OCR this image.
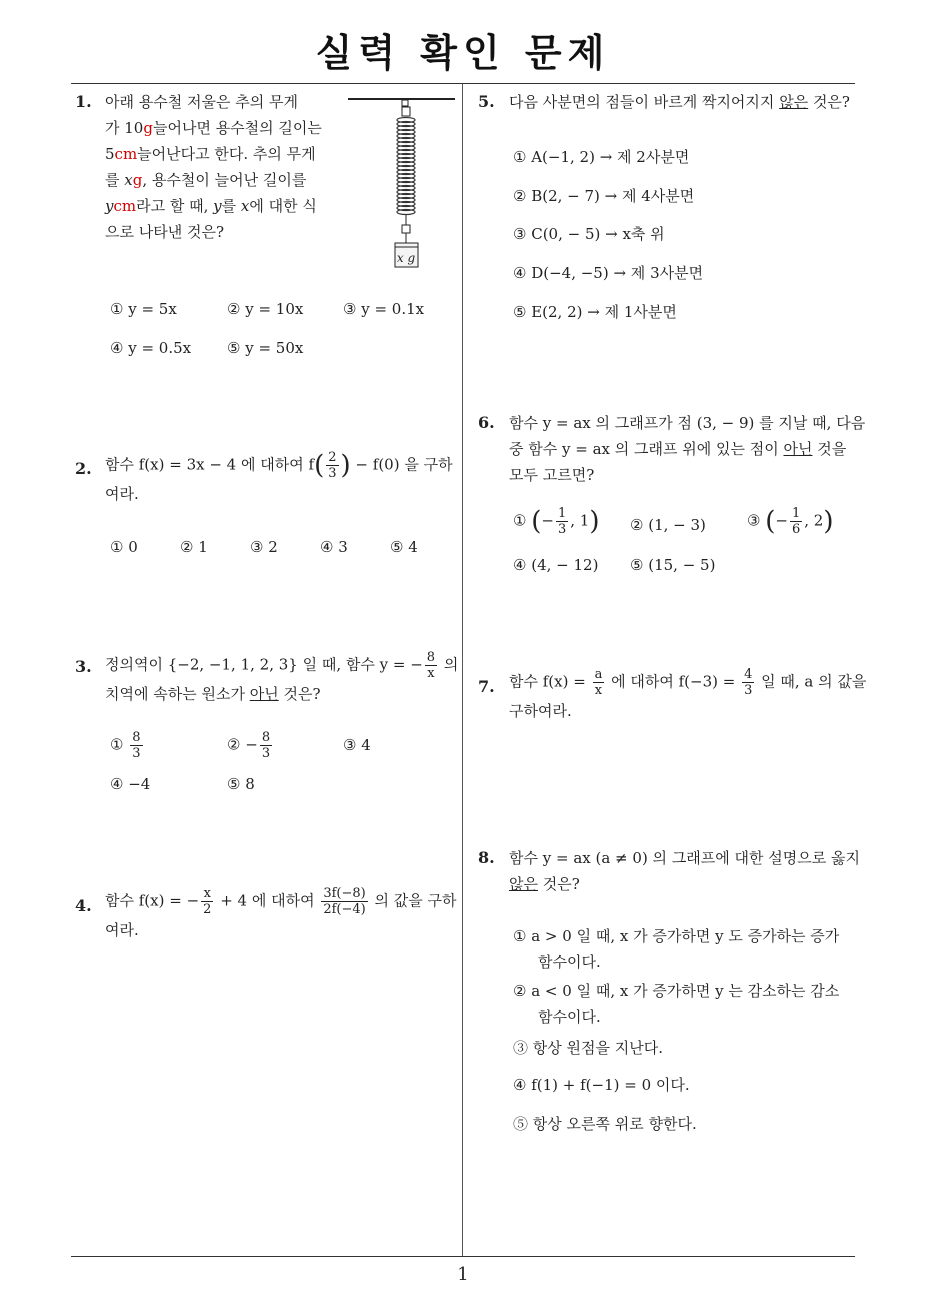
실력 확인 문제
1
1. 아래 용수철 저울은 추의 무게
가 10g늘어나면 용수철의 길이는
5cm늘어난다고 한다. 추의 무게
를 xg, 용수철이 늘어난 길이를
ycm라고 할 때, y를 x에 대한 식
으로 나타낸 것은?
x g
① y = 5x	② y = 10x	③ y = 0.1x
④ y = 0.5x ⑤ y = 50x
2. 함수 f(x) = 3x − 4 에 대하여 $f( \frac{2}{3}$ ) − f(0) 을 구하
여라.
① 0	② 1	③ 2	④ 3	⑤ 4
3. 정의역이 {−2, −1, 1, 2, 3} 일 때, 함수 y = − $\frac{8}{x}$ 의
치역에 속하는 원소가 아닌 것은?
① $\frac{8}{3}$	② − $\frac{8}{3}$	③ 4
④ −4	⑤ 8
4. 함수 f(x) = − $\frac{x}{2} + 4$ 에 대하여 $\frac{3f(-8)}{2f(-4)}$ 의 값을 구하
여라.
5. 다음 사분면의 점들이 바르게 짝지어지지 않은 것은?
① A(−1, 2) → 제 2사분면
② B(2, − 7) → 제 4사분면
③ C(0, − 5) → x축 위
④ D(−4, −5) → 제 3사분면
⑤ E(2, 2) → 제 1사분면
6. 함수 y = ax 의 그래프가 점 (3, − 9) 를 지날 때, 다음
중 함수 y = ax 의 그래프 위에 있는 점이 아닌 것을
모두 고르면?
① (− $\frac{1}{3}$ , 1) ② (1, − 3)	③ (− $\frac{1}{6}$ , 2)
④ (4, − 12) ⑤ (15, − 5)
7. 함수 $f(x) = \frac{a}{x}$ 에 대하여 $f(-3) = \frac{4}{3}$ 일 때, a 의 값을
구하여라.
8. 함수 y = ax (a ≠ 0) 의 그래프에 대한 설명으로 옳지
않은 것은?
① a > 0 일 때, x 가 증가하면 y 도 증가하는 증가
함수이다.
② a < 0 일 때, x 가 증가하면 y 는 감소하는 감소
함수이다.
③ 항상 원점을 지난다.
④ f(1) + f(−1) = 0 이다.
⑤ 항상 오른쪽 위로 향한다.
